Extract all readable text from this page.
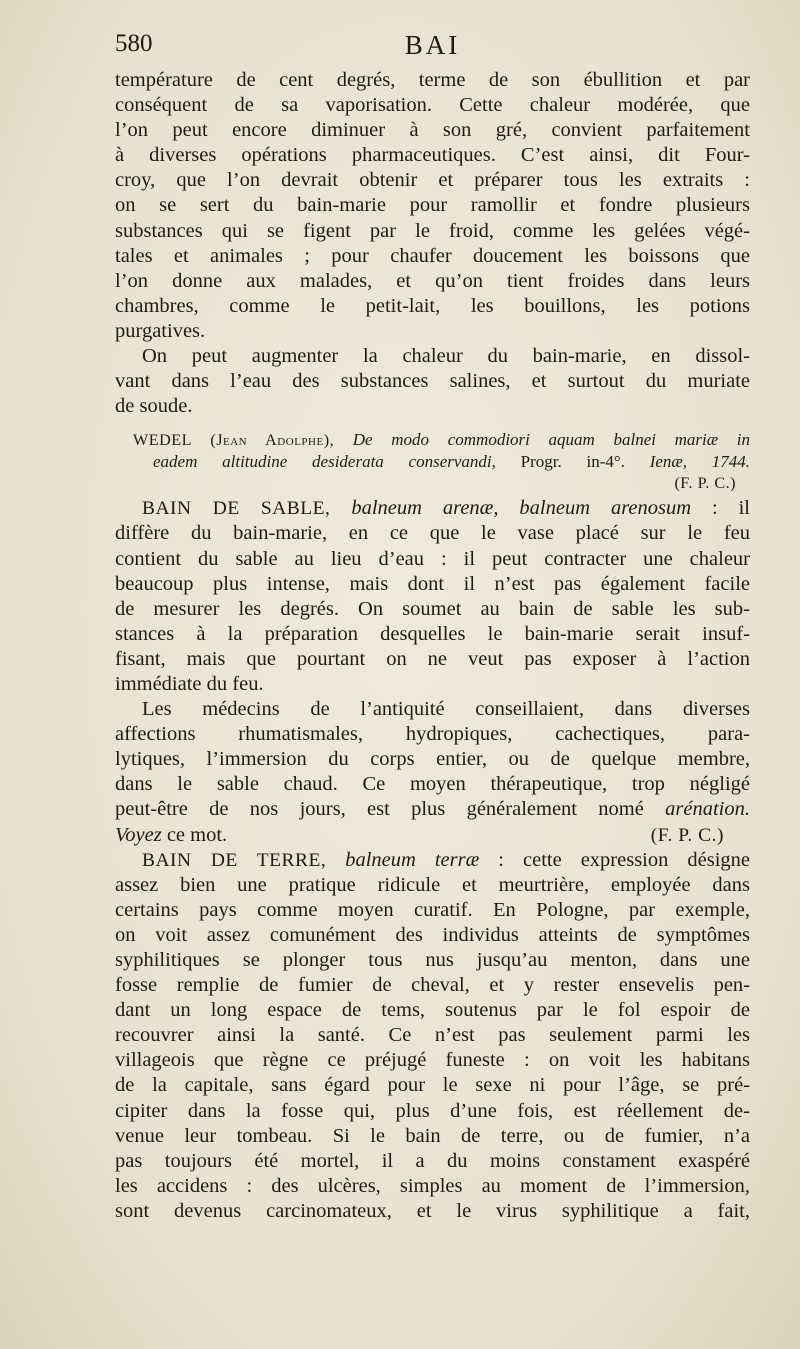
580	BAI

température de cent degrés, terme de son ébullition et par
conséquent de sa vaporisation. Cette chaleur modérée, que
l’on peut encore diminuer à son gré, convient parfaitement
à diverses opérations pharmaceutiques. C’est ainsi, dit Four-
croy, que l’on devrait obtenir et préparer tous les extraits :
on se sert du bain-marie pour ramollir et fondre plusieurs
substances qui se figent par le froid, comme les gelées végé-
tales et animales ; pour chaufer doucement les boissons que
l’on donne aux malades, et qu’on tient froides dans leurs
chambres, comme le petit-lait, les bouillons, les potions
purgatives.

On peut augmenter la chaleur du bain-marie, en dissol-

vant dans l’eau des substances salines, et surtout du muriate
de soude.

WEDEL (Jean Adolphe), De modo commodiori aquam balnei mariæ in
eadem altitudine desiderata conservandi, Progr. in-4°. Ienæ, 1744.
(F. P. C.)

BAIN DE SABLE, balneum arenæ, balneum arenosum : il
diffère du bain-marie, en ce que le vase placé sur le feu
contient du sable au lieu d’eau : il peut contracter une chaleur
beaucoup plus intense, mais dont il n’est pas également facile
de mesurer les degrés. On soumet au bain de sable les sub-
stances à la préparation desquelles le bain-marie serait insuf-
fisant, mais que pourtant on ne veut pas exposer à l’action
immédiate du feu.

Les médecins de l’antiquité conseillaient, dans diverses
affections rhumatismales, hydropiques, cachectiques, para-
lytiques, l’immersion du corps entier, ou de quelque membre,
dans le sable chaud. Ce moyen thérapeutique, trop négligé
peut-être de nos jours, est plus généralement nomé arénation.
Voyez ce mot.	(F. P. C.)

BAIN DE TERRE, balneum terræ : cette expression désigne
assez bien une pratique ridicule et meurtrière, employée dans
certains pays comme moyen curatif. En Pologne, par exemple,
on voit assez comunément des individus atteints de symptômes
syphilitiques se plonger tous nus jusqu’au menton, dans une
fosse remplie de fumier de cheval, et y rester ensevelis pen-
dant un long espace de tems, soutenus par le fol espoir de
recouvrer ainsi la santé. Ce n’est pas seulement parmi les
villageois que règne ce préjugé funeste : on voit les habitans
de la capitale, sans égard pour le sexe ni pour l’âge, se pré-
cipiter dans la fosse qui, plus d’une fois, est réellement de-
venue leur tombeau. Si le bain de terre, ou de fumier, n’a
pas toujours été mortel, il a du moins constament exaspéré
les accidens : des ulcères, simples au moment de l’immersion,
sont devenus carcinomateux, et le virus syphilitique a fait,
